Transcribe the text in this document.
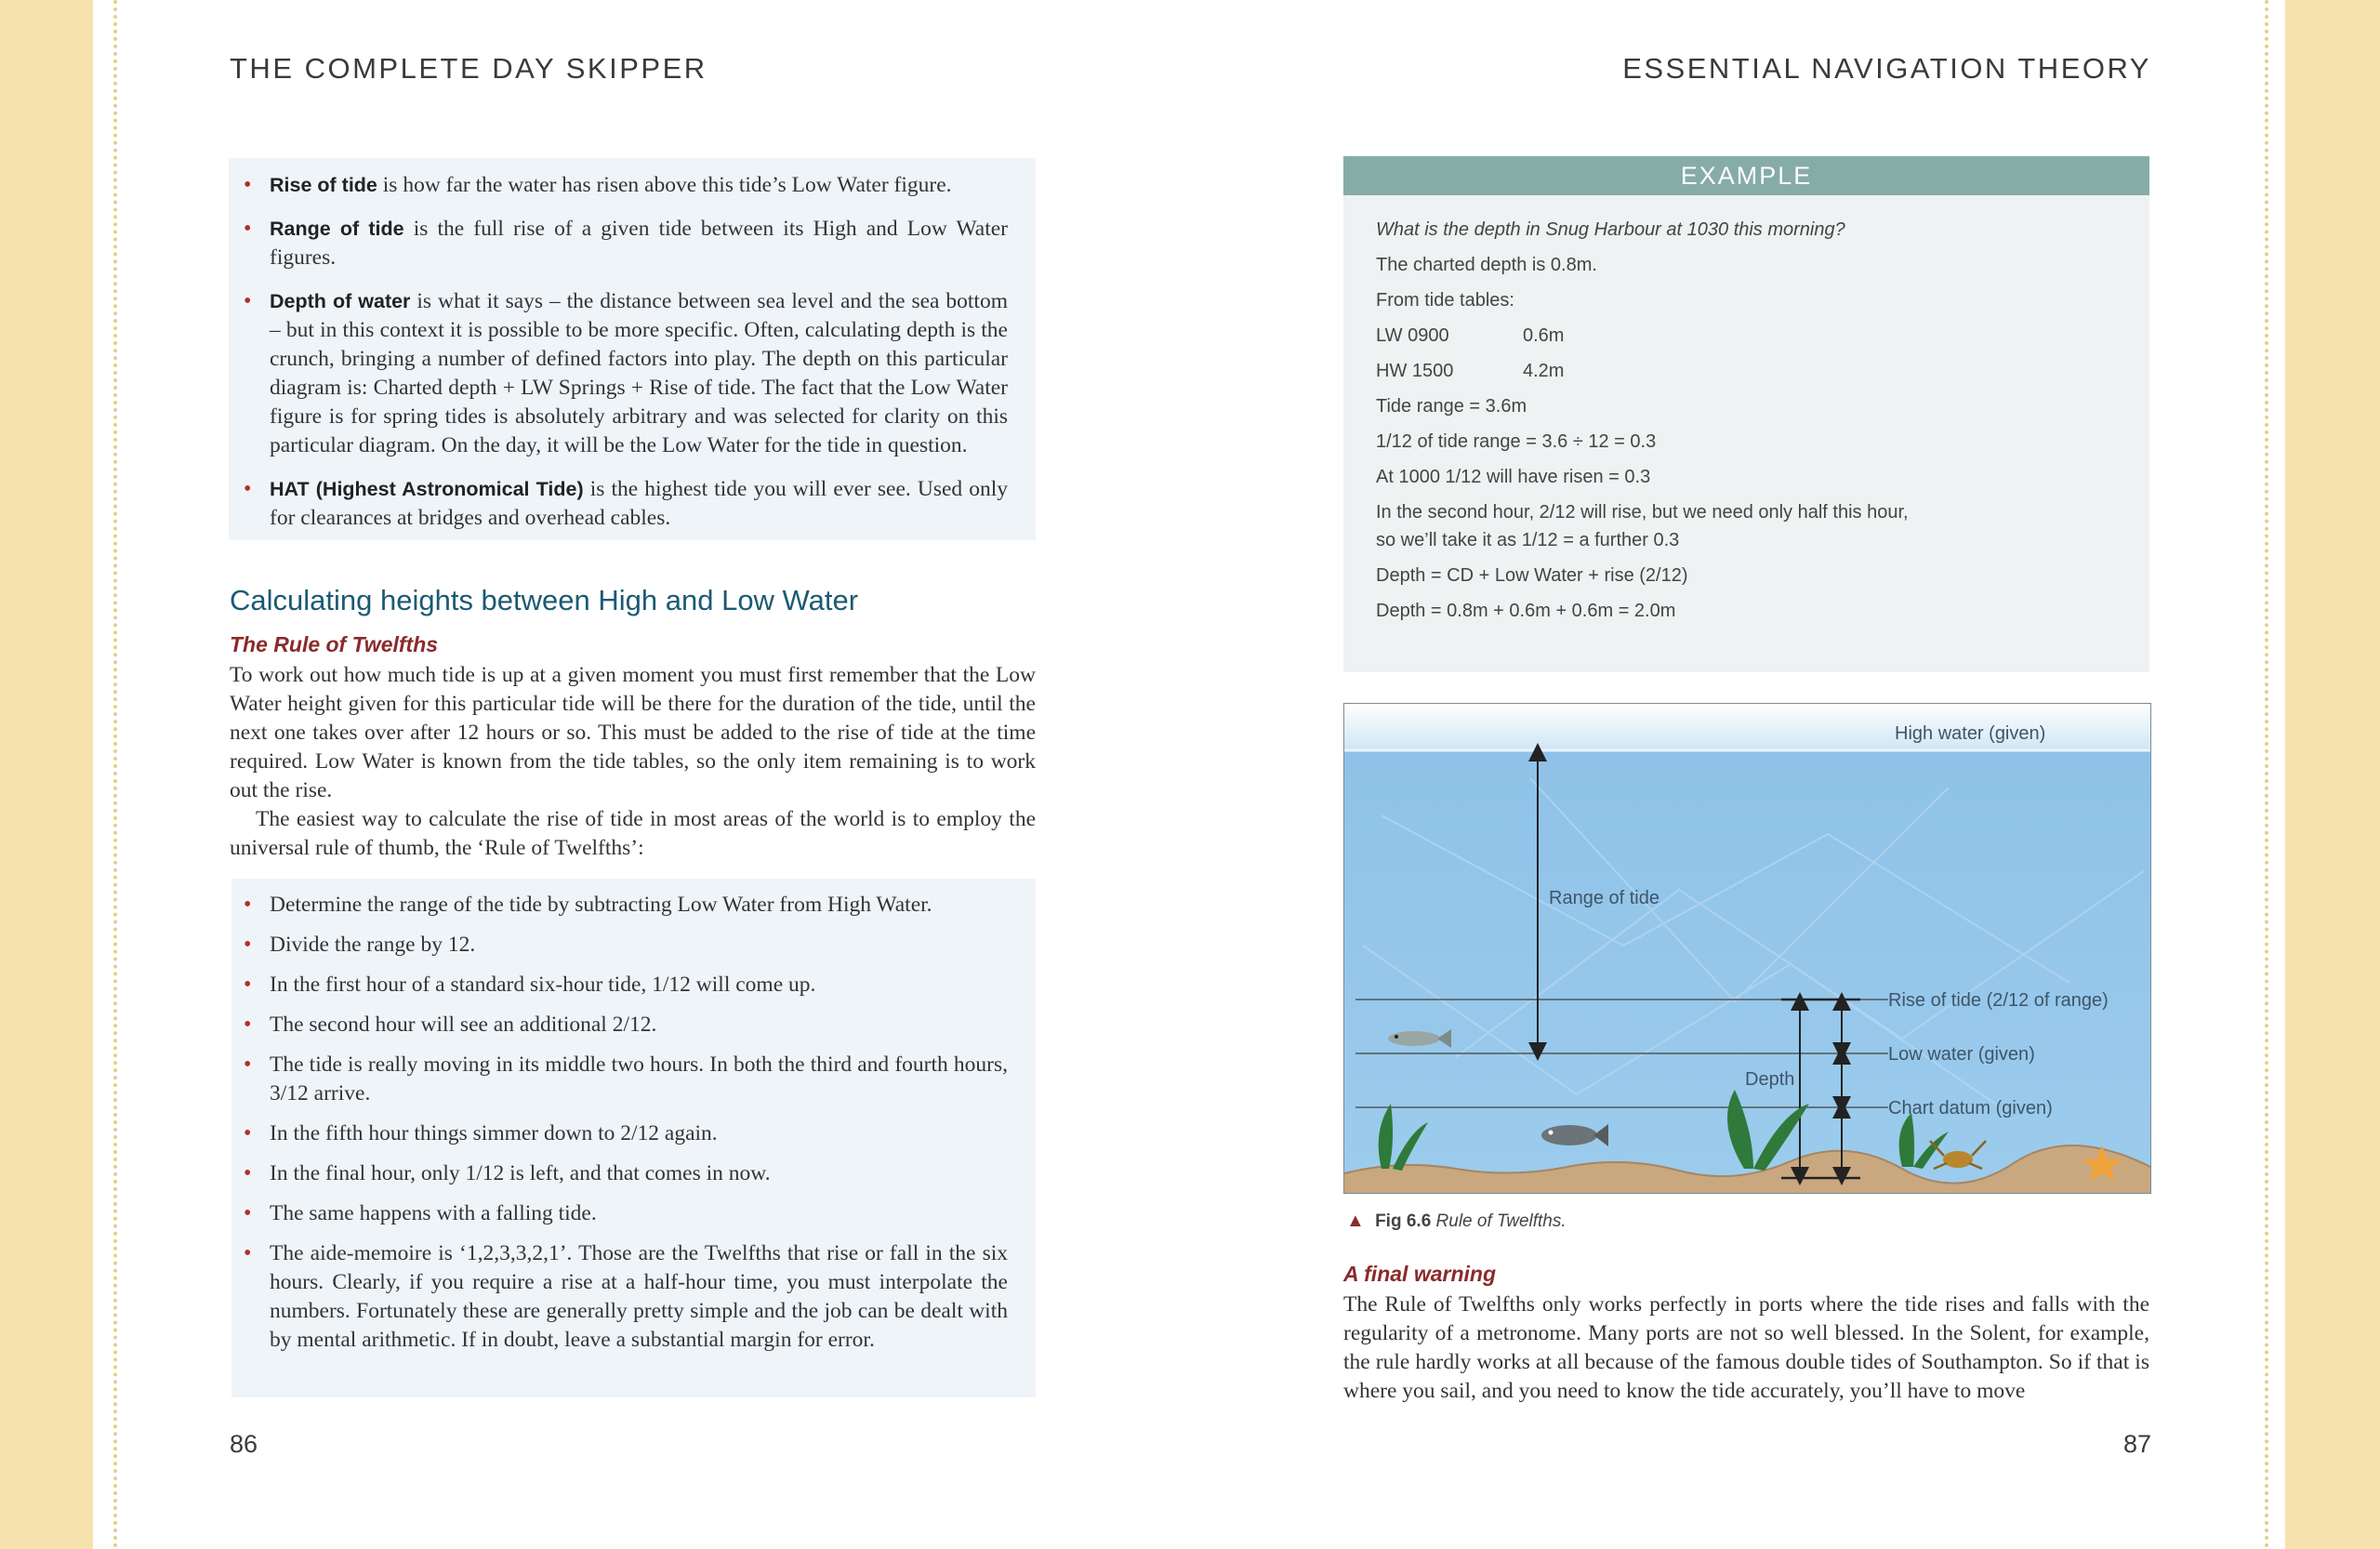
THE COMPLETE DAY SKIPPER
• Rise of tide is how far the water has risen above this tide’s Low Water figure.
• Range of tide is the full rise of a given tide between its High and Low Water figures.
• Depth of water is what it says – the distance between sea level and the sea bottom – but in this context it is possible to be more specific. Often, calculating depth is the crunch, bringing a number of defined factors into play. The depth on this particular diagram is: Charted depth + LW Springs + Rise of tide. The fact that the Low Water figure is for spring tides is absolutely arbitrary and was selected for clarity on this particular diagram. On the day, it will be the Low Water for the tide in question.
• HAT (Highest Astronomical Tide) is the highest tide you will ever see. Used only for clearances at bridges and overhead cables.
Calculating heights between High and Low Water
The Rule of Twelfths

To work out how much tide is up at a given moment you must first remember that the Low Water height given for this particular tide will be there for the duration of the tide, until the next one takes over after 12 hours or so. This must be added to the rise of tide at the time required. Low Water is known from the tide tables, so the only item remaining is to work out the rise.

The easiest way to calculate the rise of tide in most areas of the world is to employ the universal rule of thumb, the ‘Rule of Twelfths’:

• Determine the range of the tide by subtracting Low Water from High Water.
• Divide the range by 12.
• In the first hour of a standard six-hour tide, 1/12 will come up.
• The second hour will see an additional 2/12.
• The tide is really moving in its middle two hours. In both the third and fourth hours, 3/12 arrive.
• In the fifth hour things simmer down to 2/12 again.
• In the final hour, only 1/12 is left, and that comes in now.
• The same happens with a falling tide.
• The aide-memoire is ‘1,2,3,3,2,1’. Those are the Twelfths that rise or fall in the six hours. Clearly, if you require a rise at a half-hour time, you must interpolate the numbers. Fortunately these are generally pretty simple and the job can be dealt with by mental arithmetic. If in doubt, leave a substantial margin for error.
86
ESSENTIAL NAVIGATION THEORY
EXAMPLE
What is the depth in Snug Harbour at 1030 this morning?
The charted depth is 0.8m.
From tide tables:
LW 0900	0.6m
HW 1500	4.2m
Tide range = 3.6m
1/12 of tide range = 3.6 ÷ 12 = 0.3
At 1000 1/12 will have risen = 0.3
In the second hour, 2/12 will rise, but we need only half this hour,
so we’ll take it as 1/12 = a further 0.3
Depth = CD + Low Water + rise (2/12)
Depth = 0.8m + 0.6m + 0.6m = 2.0m
High water (given)
Range of tide
Rise of tide (2/12 of range)
Low water (given)
Depth
Chart datum (given)
▲ Fig 6.6 Rule of Twelfths.
A final warning

The Rule of Twelfths only works perfectly in ports where the tide rises and falls with the regularity of a metronome. Many ports are not so well blessed. In the Solent, for example, the rule hardly works at all because of the famous double tides of Southampton. So if that is where you sail, and you need to know the tide accurately, you’ll have to move

87
